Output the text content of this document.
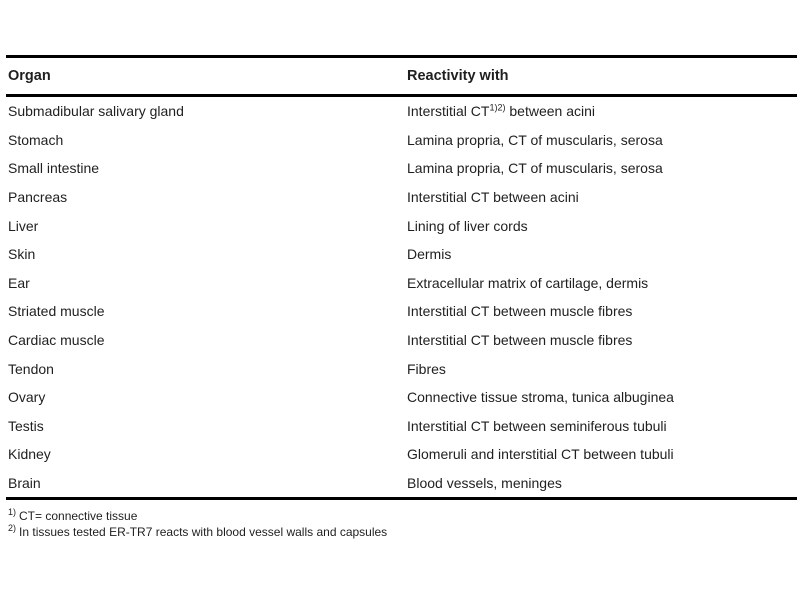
Organ	Reactivity with
Submadibular salivary gland	Interstitial $CT^{1)2)}$ between acini
Stomach	Lamina propria, CT of muscularis, serosa
Small intestine	Lamina propria, CT of muscularis, serosa
Pancreas	Interstitial CT between acini
Liver	Lining of liver cords
Skin	Dermis
Ear	Extracellular matrix of cartilage, dermis
Striated muscle	Interstitial CT between muscle fibres
Cardiac muscle	Interstitial CT between muscle fibres
Tendon	Fibres
Ovary	Connective tissue stroma, tunica albuginea
Testis	Interstitial CT between seminiferous tubuli
Kidney	Glomeruli and interstitial CT between tubuli
Brain	Blood vessels, meninges
$^{1)}$ CT= connective tissue
$^{2)}$ In tissues tested ER-TR7 reacts with blood vessel walls and capsules
